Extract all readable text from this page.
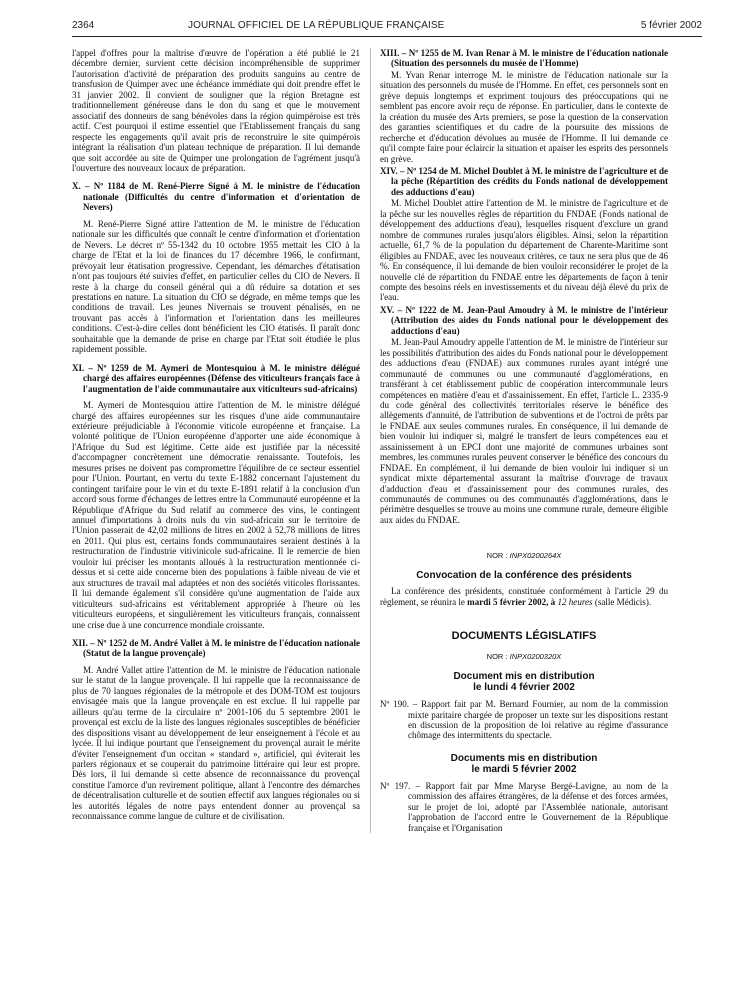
2364	JOURNAL OFFICIEL DE LA RÉPUBLIQUE FRANÇAISE	5 février 2002

l'appel d'offres pour la maîtrise d'œuvre de l'opération a été publié le 21 décembre dernier, survient cette décision incompréhensible de supprimer l'autorisation d'activité de préparation des produits sanguins au centre de transfusion de Quimper avec une échéance immédiate qui doit prendre effet le 31 janvier 2002. Il convient de souligner que la région Bretagne est traditionnellement généreuse dans le don du sang et que le mouvement associatif des donneurs de sang bénévoles dans la région quimpéroise est très actif. C'est pourquoi il estime essentiel que l'Etablissement français du sang respecte les engagements qu'il avait pris de reconstruire le site quimpérois intégrant la réalisation d'un plateau technique de préparation. Il lui demande que soit accordée au site de Quimper une prolongation de l'agrément jusqu'à l'ouverture des nouveaux locaux de préparation.

X. – Nº 1184 de M. René-Pierre Signé à M. le ministre de l'éducation nationale (Difficultés du centre d'information et d'orientation de Nevers)

M. René-Pierre Signé attire l'attention de M. le ministre de l'éducation nationale sur les difficultés que connaît le centre d'information et d'orientation de Nevers. Le décret nº 55-1342 du 10 octobre 1955 mettait les CIO à la charge de l'Etat et la loi de finances du 17 décembre 1966, le confirmant, prévoyait leur étatisation progressive. Cependant, les démarches d'étatisation n'ont pas toujours été suivies d'effet, en particulier celles du CIO de Nevers. Il reste à la charge du conseil général qui a dû réduire sa dotation et ses prestations en nature. La situation du CIO se dégrade, en même temps que les conditions de travail. Les jeunes Nivernais se trouvent pénalisés, en ne trouvant pas accès à l'information et l'orientation dans les meilleures conditions. C'est-à-dire celles dont bénéficient les CIO étatisés. Il paraît donc souhaitable que la demande de prise en charge par l'Etat soit étudiée le plus rapidement possible.

XI. – Nº 1259 de M. Aymeri de Montesquiou à M. le ministre délégué chargé des affaires européennes (Défense des viticulteurs français face à l'augmentation de l'aide communautaire aux viticulteurs sud-africains)

M. Aymeri de Montesquiou attire l'attention de M. le ministre délégué chargé des affaires européennes sur les risques d'une aide communautaire extérieure préjudiciable à l'économie viticole européenne et française. La volonté politique de l'Union européenne d'apporter une aide économique à l'Afrique du Sud est légitime. Cette aide est justifiée par la nécessité d'accompagner concrètement une démocratie renaissante. Toutefois, les mesures prises ne doivent pas compromettre l'équilibre de ce secteur essentiel pour l'Union. Pourtant, en vertu du texte E-1882 concernant l'ajustement du contingent tarifaire pour le vin et du texte E-1891 relatif à la conclusion d'un accord sous forme d'échanges de lettres entre la Communauté européenne et la République d'Afrique du Sud relatif au commerce des vins, le contingent annuel d'importations à droits nuls du vin sud-africain sur le territoire de l'Union passerait de 42,02 millions de litres en 2002 à 52,78 millions de litres en 2011. Qui plus est, certains fonds communautaires seraient destinés à la restructuration de l'industrie vitivinicole sud-africaine. Il le remercie de bien vouloir lui préciser les montants alloués à la restructuration mentionnée ci-dessus et si cette aide concerne bien des populations à faible niveau de vie et aux structures de travail mal adaptées et non des sociétés viticoles florissantes. Il lui demande également s'il considère qu'une augmentation de l'aide aux viticulteurs sud-africains est véritablement appropriée à l'heure où les viticulteurs européens, et singulièrement les viticulteurs français, connaissent une crise due à une concurrence mondiale croissante.

XII. – Nº 1252 de M. André Vallet à M. le ministre de l'éducation nationale (Statut de la langue provençale)

M. André Vallet attire l'attention de M. le ministre de l'éducation nationale sur le statut de la langue provençale. Il lui rappelle que la reconnaissance de plus de 70 langues régionales de la métropole et des DOM-TOM est toujours envisagée mais que la langue provençale en est exclue. Il lui rappelle par ailleurs qu'au terme de la circulaire nº 2001-106 du 5 septembre 2001 le provençal est exclu de la liste des langues régionales susceptibles de bénéficier des dispositions visant au développement de leur enseignement à l'école et au lycée. Il lui indique pourtant que l'enseignement du provençal aurait le mérite d'éviter l'enseignement d'un occitan « standard », artificiel, qui éviterait les parlers régionaux et se couperait du patrimoine littéraire qui leur est propre. Dès lors, il lui demande si cette absence de reconnaissance du provençal constitue l'amorce d'un revirement politique, allant à l'encontre des démarches de décentralisation culturelle et de soutien effectif aux langues régionales ou si les autorités légales de notre pays entendent donner au provençal sa reconnaissance comme langue de culture et de civilisation.

XIII. – Nº 1255 de M. Ivan Renar à M. le ministre de l'éducation nationale (Situation des personnels du musée de l'Homme)

M. Yvan Renar interroge M. le ministre de l'éducation nationale sur la situation des personnels du musée de l'Homme. En effet, ces personnels sont en grève depuis longtemps et expriment toujours des préoccupations qui ne semblent pas encore avoir reçu de réponse. En particulier, dans le contexte de la création du musée des Arts premiers, se pose la question de la conservation des garanties scientifiques et du cadre de la poursuite des missions de recherche et d'éducation dévolues au musée de l'Homme. Il lui demande ce qu'il compte faire pour éclaircir la situation et apaiser les esprits des personnels en grève.

XIV. – Nº 1254 de M. Michel Doublet à M. le ministre de l'agriculture et de la pêche (Répartition des crédits du Fonds national de développement des adductions d'eau)

M. Michel Doublet attire l'attention de M. le ministre de l'agriculture et de la pêche sur les nouvelles règles de répartition du FNDAE (Fonds national de développement des adductions d'eau), lesquelles risquent d'exclure un grand nombre de communes rurales jusqu'alors éligibles. Ainsi, selon la répartition actuelle, 61,7 % de la population du département de Charente-Maritime sont éligibles au FNDAE, avec les nouveaux critères, ce taux ne sera plus que de 46 %. En conséquence, il lui demande de bien vouloir reconsidérer le projet de la nouvelle clé de répartition du FNDAE entre les départements de façon à tenir compte des besoins réels en investissements et du niveau déjà élevé du prix de l'eau.

XV. – Nº 1222 de M. Jean-Paul Amoudry à M. le ministre de l'intérieur (Attribution des aides du Fonds national pour le développement des adductions d'eau)

M. Jean-Paul Amoudry appelle l'attention de M. le ministre de l'intérieur sur les possibilités d'attribution des aides du Fonds national pour le développement des adductions d'eau (FNDAE) aux communes rurales ayant intégré une communauté de communes ou une communauté d'agglomérations, en transférant à cet établissement public de coopération intercommunale leurs compétences en matière d'eau et d'assainissement. En effet, l'article L. 2335-9 du code général des collectivités territoriales réserve le bénéfice des allègements d'annuité, de l'attribution de subventions et de l'octroi de prêts par le FNDAE aux seules communes rurales. En conséquence, il lui demande de bien vouloir lui indiquer si, malgré le transfert de leurs compétences eau et assainissement à un EPCI dont une majorité de communes urbaines sont membres, les communes rurales peuvent conserver le bénéfice des concours du FNDAE. En complément, il lui demande de bien vouloir lui indiquer si un syndicat mixte départemental assurant la maîtrise d'ouvrage de travaux d'adduction d'eau et d'assainissement pour des communes rurales, des communautés de communes ou des communautés d'agglomérations, dans le périmètre desquelles se trouve au moins une commune rurale, demeure éligible aux aides du FNDAE.

NOR : INPX0200264X

Convocation de la conférence des présidents

La conférence des présidents, constituée conformément à l'article 29 du règlement, se réunira le mardi 5 février 2002, à 12 heures (salle Médicis).

DOCUMENTS LÉGISLATIFS

NOR : INPX0200320X

Document mis en distribution
le lundi 4 février 2002

Nº 190. – Rapport fait par M. Bernard Fournier, au nom de la commission mixte paritaire chargée de proposer un texte sur les dispositions restant en discussion de la proposition de loi relative au régime d'assurance chômage des intermittents du spectacle.

Documents mis en distribution
le mardi 5 février 2002

Nº 197. – Rapport fait par Mme Maryse Bergé-Lavigne, au nom de la commission des affaires étrangères, de la défense et des forces armées, sur le projet de loi, adopté par l'Assemblée nationale, autorisant l'approbation de l'accord entre le Gouvernement de la République française et l'Organisation
